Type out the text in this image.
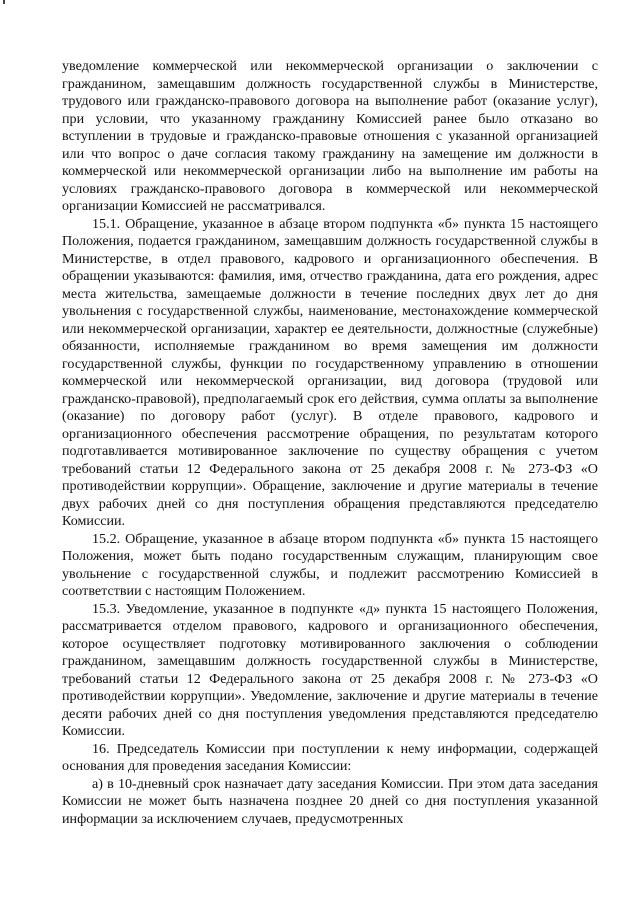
уведомление коммерческой или некоммерческой организации о заключении с гражданином, замещавшим должность государственной службы в Министерстве, трудового или гражданско-правового договора на выполнение работ (оказание услуг), при условии, что указанному гражданину Комиссией ранее было отказано во вступлении в трудовые и гражданско-правовые отношения с указанной организацией или что вопрос о даче согласия такому гражданину на замещение им должности в коммерческой или некоммерческой организации либо на выполнение им работы на условиях гражданско-правового договора в коммерческой или некоммерческой организации Комиссией не рассматривался.

15.1. Обращение, указанное в абзаце втором подпункта «б» пункта 15 настоящего Положения, подается гражданином, замещавшим должность государственной службы в Министерстве, в отдел правового, кадрового и организационного обеспечения. В обращении указываются: фамилия, имя, отчество гражданина, дата его рождения, адрес места жительства, замещаемые должности в течение последних двух лет до дня увольнения с государственной службы, наименование, местонахождение коммерческой или некоммерческой организации, характер ее деятельности, должностные (служебные) обязанности, исполняемые гражданином во время замещения им должности государственной службы, функции по государственному управлению в отношении коммерческой или некоммерческой организации, вид договора (трудовой или гражданско-правовой), предполагаемый срок его действия, сумма оплаты за выполнение (оказание) по договору работ (услуг). В отделе правового, кадрового и организационного обеспечения рассмотрение обращения, по результатам которого подготавливается мотивированное заключение по существу обращения с учетом требований статьи 12 Федерального закона от 25 декабря 2008 г. № 273-ФЗ «О противодействии коррупции». Обращение, заключение и другие материалы в течение двух рабочих дней со дня поступления обращения представляются председателю Комиссии.

15.2. Обращение, указанное в абзаце втором подпункта «б» пункта 15 настоящего Положения, может быть подано государственным служащим, планирующим свое увольнение с государственной службы, и подлежит рассмотрению Комиссией в соответствии с настоящим Положением.

15.3. Уведомление, указанное в подпункте «д» пункта 15 настоящего Положения, рассматривается отделом правового, кадрового и организационного обеспечения, которое осуществляет подготовку мотивированного заключения о соблюдении гражданином, замещавшим должность государственной службы в Министерстве, требований статьи 12 Федерального закона от 25 декабря 2008 г. № 273-ФЗ «О противодействии коррупции». Уведомление, заключение и другие материалы в течение десяти рабочих дней со дня поступления уведомления представляются председателю Комиссии.

16. Председатель Комиссии при поступлении к нему информации, содержащей основания для проведения заседания Комиссии:

а) в 10-дневный срок назначает дату заседания Комиссии. При этом дата заседания Комиссии не может быть назначена позднее 20 дней со дня поступления указанной информации за исключением случаев, предусмотренных
